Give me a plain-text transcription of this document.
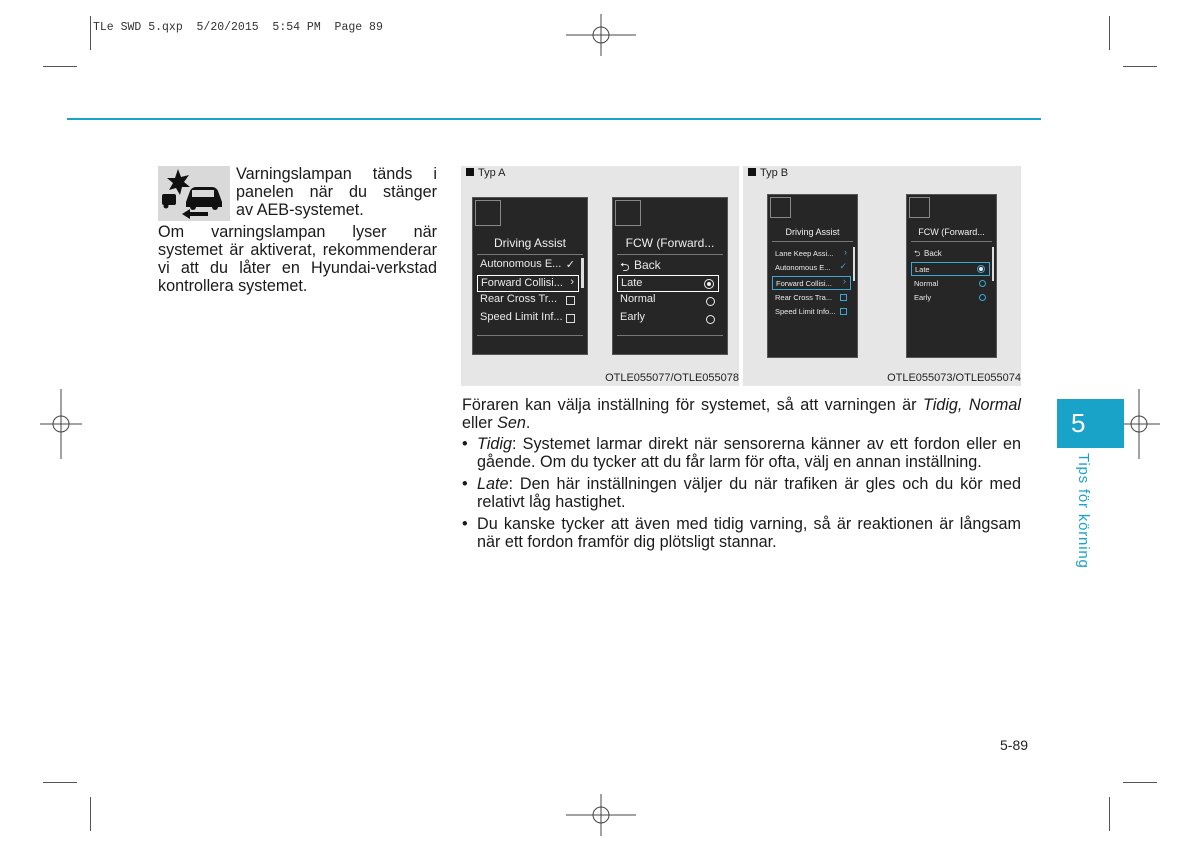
TLe SWD 5.qxp  5/20/2015  5:54 PM  Page 89
Varningslampan tänds i
panelen när du stänger
av AEB-systemet.
Om varningslampan lyser när systemet är aktiverat, rekommenderar vi att du låter en Hyundai-verkstad kontrollera systemet.
Typ A
Driving Assist
Autonomous E... ✓
Forward Collisi... ›
Rear Cross Tr...
Speed Limit Inf...
FCW (Forward...
⮌ Back
Late
Normal
Early
OTLE055077/OTLE055078
Typ B
Driving Assist
Lane Keep Assi... ›
Autonomous E... ✓
Forward Collisi... ›
Rear Cross Tra...
Speed Limit Info...
FCW (Forward...
⮌ Back
Late
Normal
Early
OTLE055073/OTLE055074

Föraren kan välja inställning för systemet, så att varningen är Tidig, Normal eller Sen.

• Tidig: Systemet larmar direkt när sensorerna känner av ett fordon eller en gående. Om du tycker att du får larm för ofta, välj en annan inställning.
• Late: Den här inställningen väljer du när trafiken är gles och du kör med relativt låg hastighet.
• Du kanske tycker att även med tidig varning, så är reaktionen är långsam när ett fordon framför dig plötsligt stannar.
5
Tips för körning
5-89
